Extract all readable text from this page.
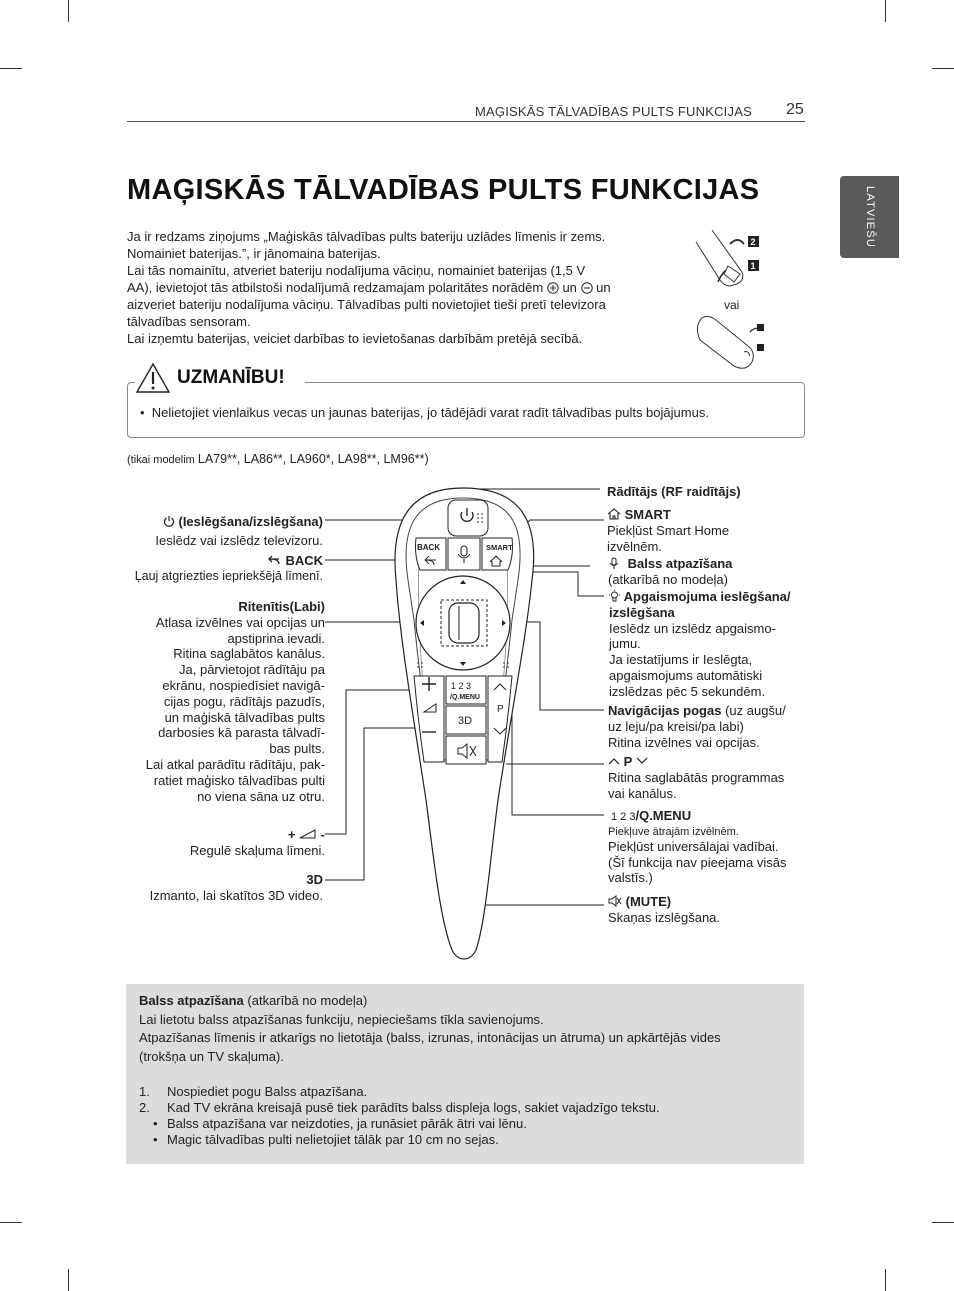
MAĢISKĀS TĀLVADĪBAS PULTS FUNKCIJAS 25
LATVIEŠU
MAĢISKĀS TĀLVADĪBAS PULTS FUNKCIJAS
Ja ir redzams ziņojums „Maģiskās tālvadības pults bateriju uzlādes līmenis ir zems.
Nomainiet baterijas.”, ir jānomaina baterijas.
Lai tās nomainītu, atveriet bateriju nodalījuma vāciņu, nomainiet baterijas (1,5 V
AA), ievietojot tās atbilstoši nodalījumā redzamajam polaritātes norādēm un un
aizveriet bateriju nodalījuma vāciņu. Tālvadības pulti novietojiet tieši pretī televizora
tālvadības sensoram.
Lai izņemtu baterijas, veiciet darbības to ievietošanas darbībām pretējā secībā.
2
1
vai
UZMANĪBU!
•  Nelietojiet vienlaikus vecas un jaunas baterijas, jo tādējādi varat radīt tālvadības pults bojājumus.
(tikai modelim LA79**, LA86**, LA960*, LA98**, LM96**)
BACK	SMART
1 2 3
/Q.MENU
3D
P
(Ieslēgšana/izslēgšana)
Ieslēdz vai izslēdz televizoru.
BACK
Ļauj atgriezties iepriekšējā līmenī.
Ritenītis(Labi)
Atlasa izvēlnes vai opcijas un
apstiprina ievadi.
Ritina saglabātos kanālus.
Ja, pārvietojot rādītāju pa
ekrānu, nospiedīsiet navigā-
cijas pogu, rādītājs pazudīs,
un maģiskā tālvadības pults
darbosies kā parasta tālvadī-
bas pults.
Lai atkal parādītu rādītāju, pak-
ratiet maģisko tālvadības pulti
no viena sāna uz otru.
+ -
Regulē skaļuma līmeni.
3D
Izmanto, lai skatītos 3D video.
Rādītājs (RF raidītājs)
SMART
Piekļūst Smart Home
izvēlnēm.
Balss atpazīšana
(atkarībā no modeļa)
Apgaismojuma ieslēgšana/
izslēgšana
Ieslēdz un izslēdz apgaismo-
jumu.
Ja iestatījums ir Ieslēgta,
apgaismojums automātiski
izslēdzas pēc 5 sekundēm.
Navigācijas pogas (uz augšu/
uz leju/pa kreisi/pa labi)
Ritina izvēlnes vai opcijas.
P
Ritina saglabātās programmas
vai kanālus.
1 2 3/Q.MENU
Piekļuve ātrajām izvēlnēm.
Piekļūst universālajai vadībai.
(Šī funkcija nav pieejama visās
valstīs.)
(MUTE)
Skaņas izslēgšana.
Balss atpazīšana (atkarībā no modeļa)
Lai lietotu balss atpazīšanas funkciju, nepieciešams tīkla savienojums.
Atpazīšanas līmenis ir atkarīgs no lietotāja (balss, izrunas, intonācijas un ātruma) un apkārtējās vides
(trokšņa un TV skaļuma).
1. Nospiediet pogu Balss atpazīšana.
2. Kad TV ekrāna kreisajā pusē tiek parādīts balss displeja logs, sakiet vajadzīgo tekstu.
• Balss atpazīšana var neizdoties, ja runāsiet pārāk ātri vai lēnu.
• Magic tālvadības pulti nelietojiet tālāk par 10 cm no sejas.
